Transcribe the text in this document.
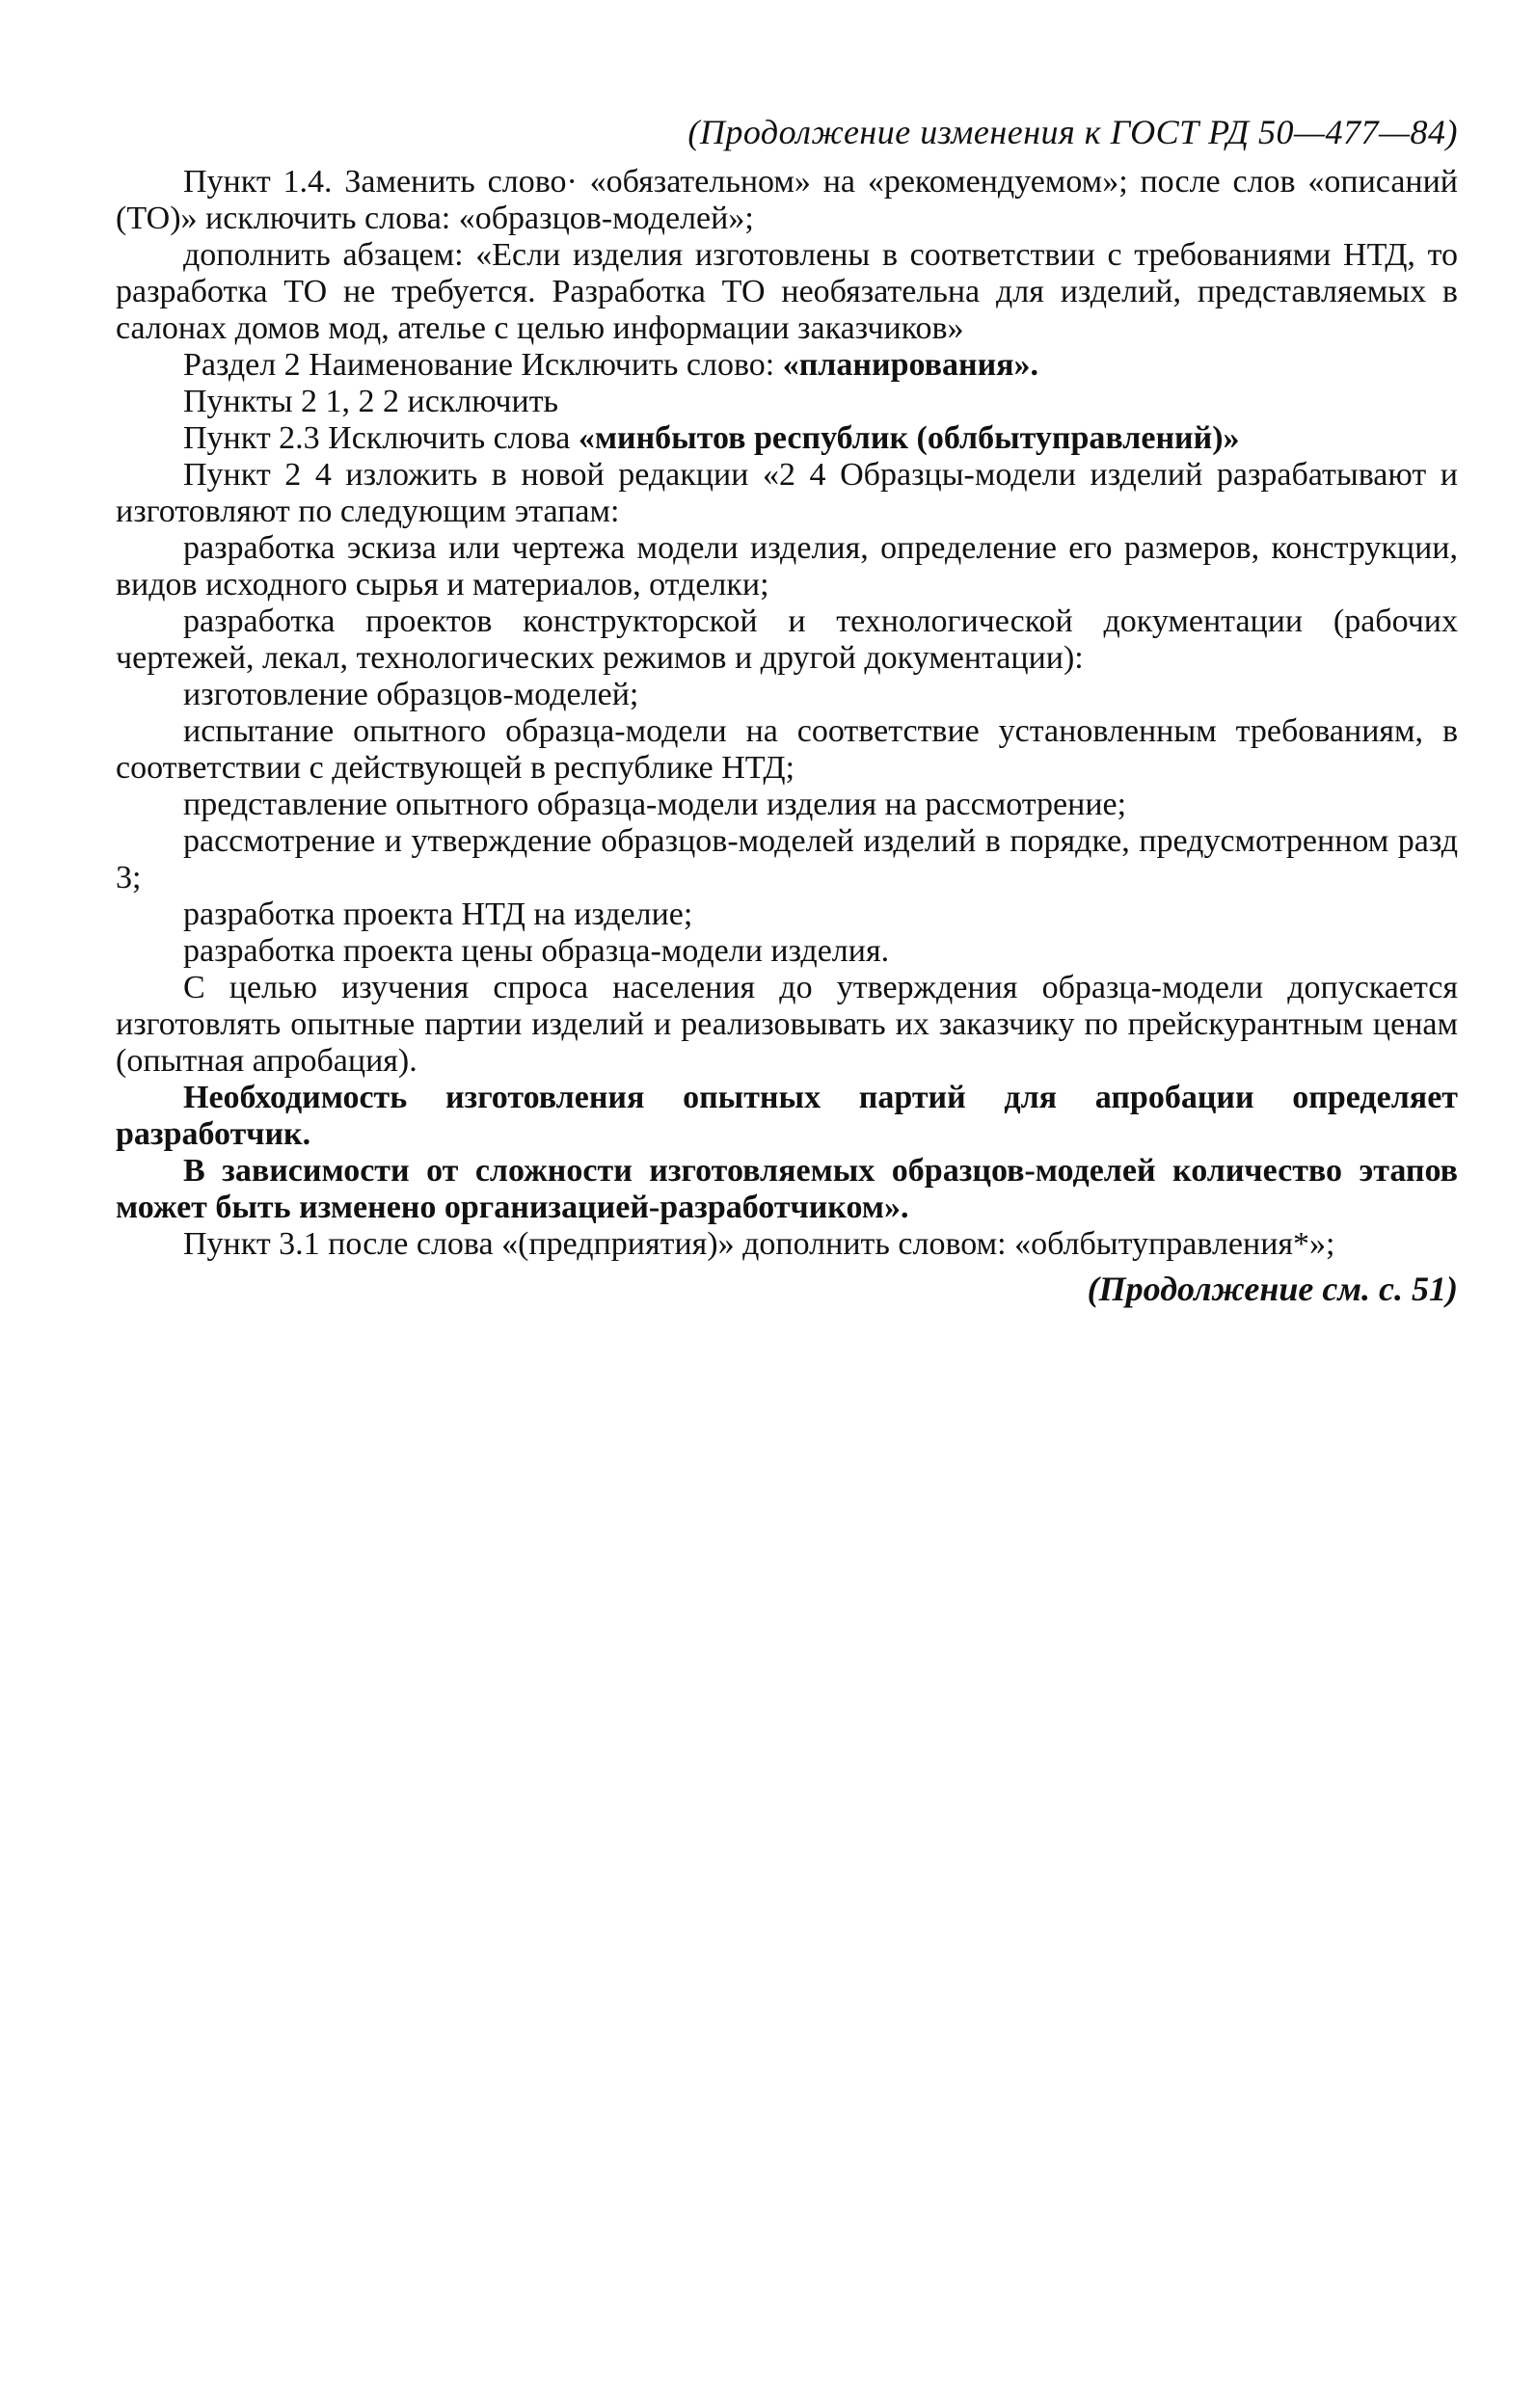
(Продолжение изменения к ГОСТ РД 50—477—84)

Пункт 1.4. Заменить слово· «обязательном» на «рекомендуемом»; после слов «описаний (ТО)» исключить слова: «образцов-моделей»;

дополнить абзацем: «Если изделия изготовлены в соответствии с требованиями НТД, то разработка ТО не требуется. Разработка ТО необязательна для изделий, представляемых в салонах домов мод, ателье с целью информации заказчиков»

Раздел 2 Наименование Исключить слово: «планирования».

Пункты 2 1, 2 2 исключить

Пункт 2.3 Исключить слова «минбытов республик (облбытуправлений)»

Пункт 2 4 изложить в новой редакции «2 4 Образцы-модели изделий разрабатывают и изготовляют по следующим этапам:

разработка эскиза или чертежа модели изделия, определение его размеров, конструкции, видов исходного сырья и материалов, отделки;

разработка проектов конструкторской и технологической документации (рабочих чертежей, лекал, технологических режимов и другой документации):

изготовление образцов-моделей;

испытание опытного образца-модели на соответствие установленным требованиям, в соответствии с действующей в республике НТД;

представление опытного образца-модели изделия на рассмотрение;

рассмотрение и утверждение образцов-моделей изделий в порядке, предусмотренном разд 3;

разработка проекта НТД на изделие;

разработка проекта цены образца-модели изделия.

С целью изучения спроса населения до утверждения образца-модели допускается изготовлять опытные партии изделий и реализовывать их заказчику по прейскурантным ценам (опытная апробация).

Необходимость изготовления опытных партий для апробации определяет разработчик.

В зависимости от сложности изготовляемых образцов-моделей количество этапов может быть изменено организацией-разработчиком».

Пункт 3.1 после слова «(предприятия)» дополнить словом: «облбытуправления*»;

(Продолжение см. с. 51)
